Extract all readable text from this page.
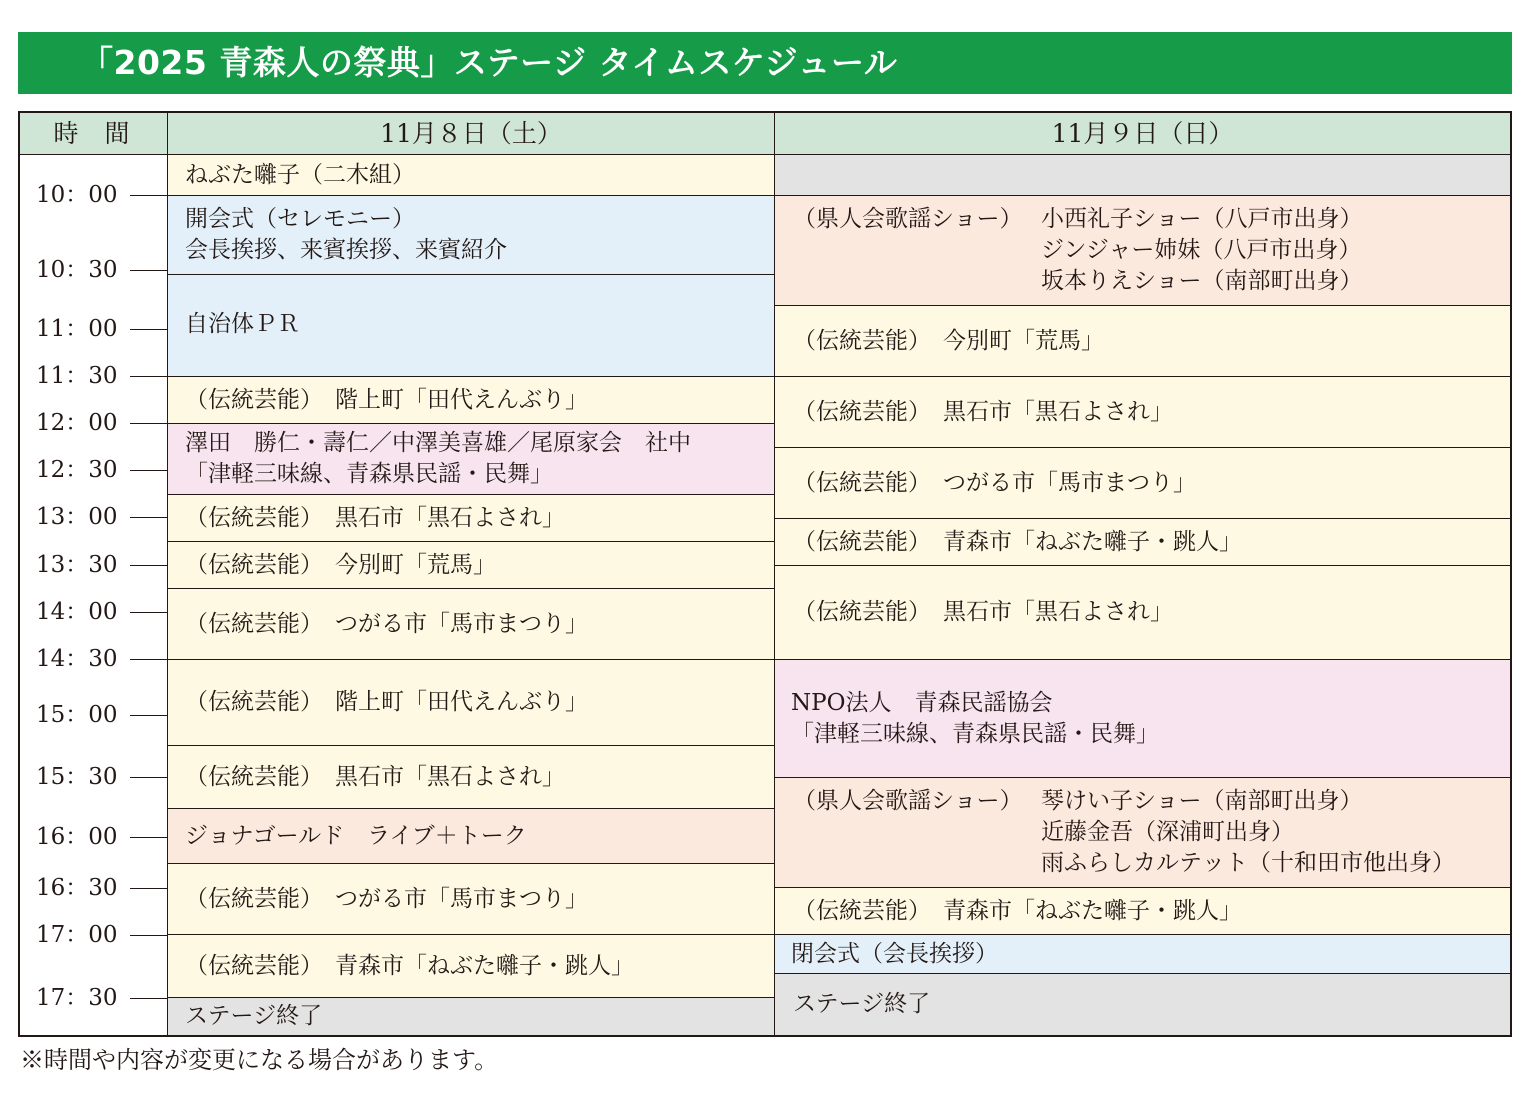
「2025 青森人の祭典」ステージ タイムスケジュール
時間	11月８日（土）	11月９日（日）
10：00
10：30
11：00
11：30
12：00
12：30
13：00
13：30
14：00
14：30
15：00
15：30
16：00
16：30
17：00
17：30
ねぶた囃子（二木組）
開会式（セレモニー）
会長挨拶、来賓挨拶、来賓紹介
自治体ＰＲ
（伝統芸能） 階上町「田代えんぶり」
澤田　勝仁・壽仁／中澤美喜雄／尾原家会　社中
「津軽三味線、青森県民謡・民舞」
（伝統芸能） 黒石市「黒石よされ」
（伝統芸能） 今別町「荒馬」
（伝統芸能） つがる市「馬市まつり」
（伝統芸能） 階上町「田代えんぶり」
（伝統芸能） 黒石市「黒石よされ」
ジョナゴールド　ライブ＋トーク
（伝統芸能） つがる市「馬市まつり」
（伝統芸能） 青森市「ねぶた囃子・跳人」
ステージ終了
（県人会歌謡ショー） 小西礼子ショー（八戸市出身）
ジンジャー姉妹（八戸市出身）
坂本りえショー（南部町出身）
（伝統芸能） 今別町「荒馬」
（伝統芸能） 黒石市「黒石よされ」
（伝統芸能） つがる市「馬市まつり」
（伝統芸能） 青森市「ねぶた囃子・跳人」
（伝統芸能） 黒石市「黒石よされ」
NPO法人　青森民謡協会
「津軽三味線、青森県民謡・民舞」
（県人会歌謡ショー） 琴けい子ショー（南部町出身）
近藤金吾（深浦町出身）
雨ふらしカルテット（十和田市他出身）
（伝統芸能） 青森市「ねぶた囃子・跳人」
閉会式（会長挨拶）
ステージ終了
※時間や内容が変更になる場合があります。
